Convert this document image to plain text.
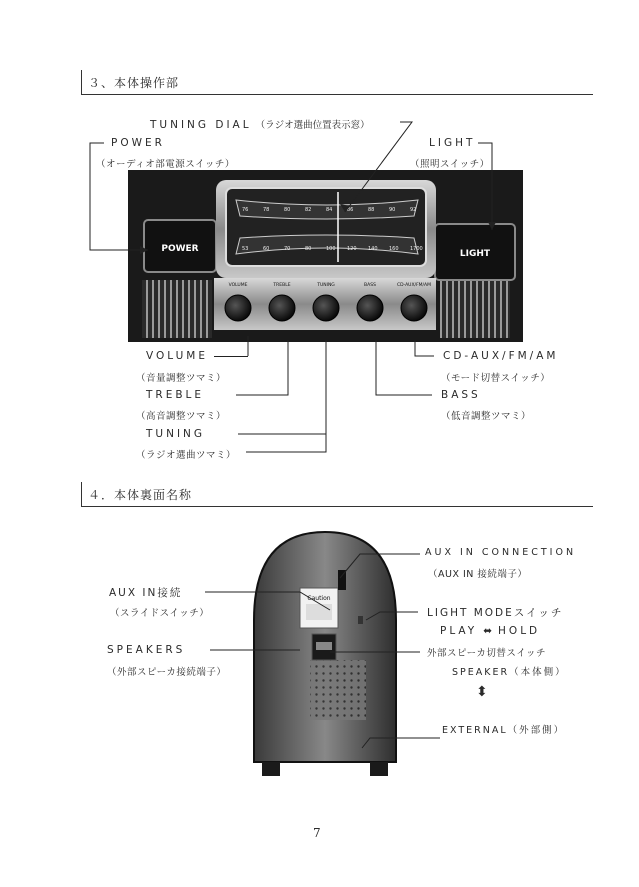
３、本体操作部
TUNING DIAL （ラジオ選曲位置表示窓）
POWER
（オーディオ部電源スイッチ）
LIGHT
（照明スイッチ）
POWER	LIGHT
76	78	80	82	84	86	88	90	92
53	60	70	80	100 120 140 160 1700
VOLUME	TREBLE	TUNING	BASS	CD-AUX/FM/AM
VOLUME
（音量調整ツマミ）
TREBLE
（高音調整ツマミ）
TUNING
（ラジオ選曲ツマミ）
CD-AUX/FM/AM
（モード切替スイッチ）
BASS
（低音調整ツマミ）
４．本体裏面名称
Caution
AUX IN CONNECTION
（AUX IN 接続端子）
AUX IN接続
（スライドスイッチ）	LIGHT MODEスイッチ
PLAY ⬌ HOLD
SPEAKERS
（外部スピーカ接続端子）
外部スピーカ切替スイッチ
SPEAKER（本体側）
⬍
EXTERNAL（外部側）
7
